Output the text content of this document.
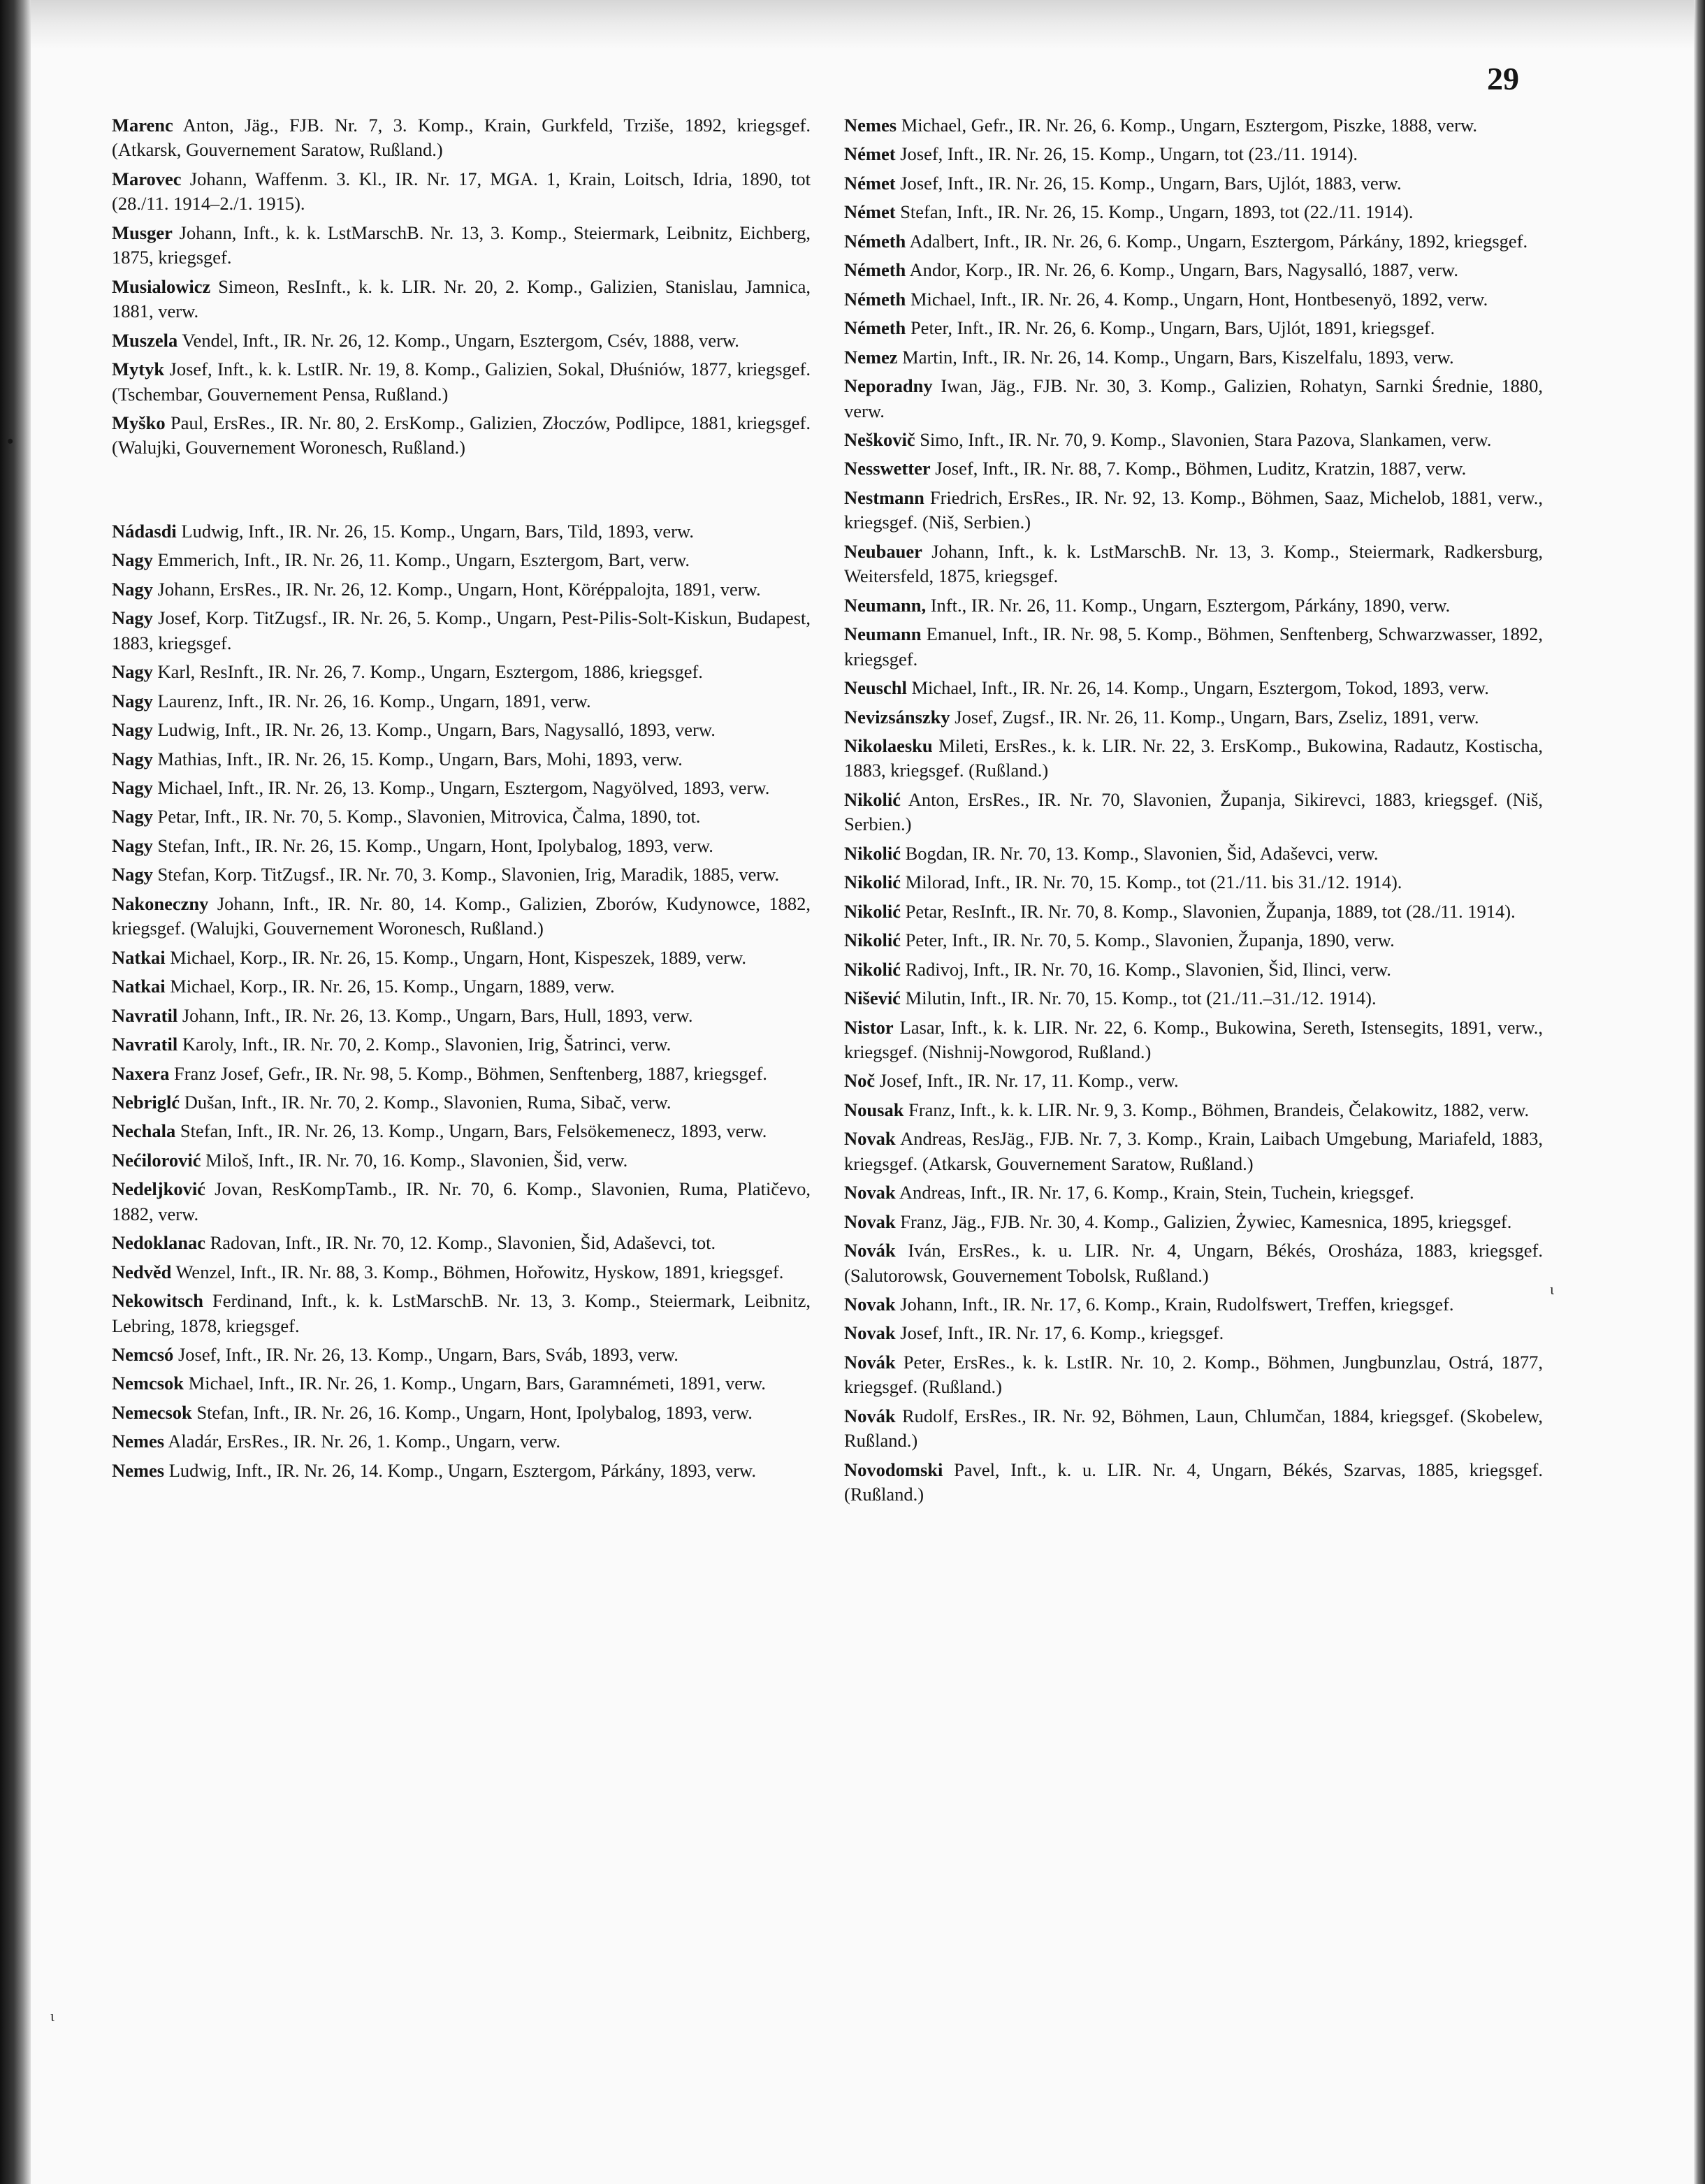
29
•
ι
ι
Marenc Anton, Jäg., FJB. Nr. 7, 3. Komp., Krain, Gurkfeld, Trziše, 1892, kriegsgef. (Atkarsk, Gouvernement Saratow, Rußland.)
Marovec Johann, Waffenm. 3. Kl., IR. Nr. 17, MGA. 1, Krain, Loitsch, Idria, 1890, tot (28./11. 1914–2./1. 1915).
Musger Johann, Inft., k. k. LstMarschB. Nr. 13, 3. Komp., Steiermark, Leibnitz, Eichberg, 1875, kriegsgef.
Musialowicz Simeon, ResInft., k. k. LIR. Nr. 20, 2. Komp., Galizien, Stanislau, Jamnica, 1881, verw.
Muszela Vendel, Inft., IR. Nr. 26, 12. Komp., Ungarn, Esztergom, Csév, 1888, verw.
Mytyk Josef, Inft., k. k. LstIR. Nr. 19, 8. Komp., Galizien, Sokal, Dłuśniów, 1877, kriegsgef. (Tschembar, Gouvernement Pensa, Rußland.)
Myško Paul, ErsRes., IR. Nr. 80, 2. ErsKomp., Galizien, Złoczów, Podlipce, 1881, kriegsgef. (Walujki, Gouvernement Woronesch, Rußland.)
Nádasdi Ludwig, Inft., IR. Nr. 26, 15. Komp., Ungarn, Bars, Tild, 1893, verw.
Nagy Emmerich, Inft., IR. Nr. 26, 11. Komp., Ungarn, Esztergom, Bart, verw.
Nagy Johann, ErsRes., IR. Nr. 26, 12. Komp., Ungarn, Hont, Köréppalojta, 1891, verw.
Nagy Josef, Korp. TitZugsf., IR. Nr. 26, 5. Komp., Ungarn, Pest-Pilis-Solt-Kiskun, Budapest, 1883, kriegsgef.
Nagy Karl, ResInft., IR. Nr. 26, 7. Komp., Ungarn, Esztergom, 1886, kriegsgef.
Nagy Laurenz, Inft., IR. Nr. 26, 16. Komp., Ungarn, 1891, verw.
Nagy Ludwig, Inft., IR. Nr. 26, 13. Komp., Ungarn, Bars, Nagysalló, 1893, verw.
Nagy Mathias, Inft., IR. Nr. 26, 15. Komp., Ungarn, Bars, Mohi, 1893, verw.
Nagy Michael, Inft., IR. Nr. 26, 13. Komp., Ungarn, Esztergom, Nagyölved, 1893, verw.
Nagy Petar, Inft., IR. Nr. 70, 5. Komp., Slavonien, Mitrovica, Čalma, 1890, tot.
Nagy Stefan, Inft., IR. Nr. 26, 15. Komp., Ungarn, Hont, Ipolybalog, 1893, verw.
Nagy Stefan, Korp. TitZugsf., IR. Nr. 70, 3. Komp., Slavonien, Irig, Maradik, 1885, verw.
Nakoneczny Johann, Inft., IR. Nr. 80, 14. Komp., Galizien, Zborów, Kudynowce, 1882, kriegsgef. (Walujki, Gouvernement Woronesch, Rußland.)
Natkai Michael, Korp., IR. Nr. 26, 15. Komp., Ungarn, Hont, Kispeszek, 1889, verw.
Natkai Michael, Korp., IR. Nr. 26, 15. Komp., Ungarn, 1889, verw.
Navratil Johann, Inft., IR. Nr. 26, 13. Komp., Ungarn, Bars, Hull, 1893, verw.
Navratil Karoly, Inft., IR. Nr. 70, 2. Komp., Slavonien, Irig, Šatrinci, verw.
Naxera Franz Josef, Gefr., IR. Nr. 98, 5. Komp., Böhmen, Senftenberg, 1887, kriegsgef.
Nebriglć Dušan, Inft., IR. Nr. 70, 2. Komp., Slavonien, Ruma, Sibač, verw.
Nechala Stefan, Inft., IR. Nr. 26, 13. Komp., Ungarn, Bars, Felsökemenecz, 1893, verw.
Nećilorović Miloš, Inft., IR. Nr. 70, 16. Komp., Slavonien, Šid, verw.
Nedeljković Jovan, ResKompTamb., IR. Nr. 70, 6. Komp., Slavonien, Ruma, Platičevo, 1882, verw.
Nedoklanac Radovan, Inft., IR. Nr. 70, 12. Komp., Slavonien, Šid, Adaševci, tot.
Nedvěd Wenzel, Inft., IR. Nr. 88, 3. Komp., Böhmen, Hořowitz, Hyskow, 1891, kriegsgef.
Nekowitsch Ferdinand, Inft., k. k. LstMarschB. Nr. 13, 3. Komp., Steiermark, Leibnitz, Lebring, 1878, kriegsgef.
Nemcsó Josef, Inft., IR. Nr. 26, 13. Komp., Ungarn, Bars, Sváb, 1893, verw.
Nemcsok Michael, Inft., IR. Nr. 26, 1. Komp., Ungarn, Bars, Garamnémeti, 1891, verw.
Nemecsok Stefan, Inft., IR. Nr. 26, 16. Komp., Ungarn, Hont, Ipolybalog, 1893, verw.
Nemes Aladár, ErsRes., IR. Nr. 26, 1. Komp., Ungarn, verw.
Nemes Ludwig, Inft., IR. Nr. 26, 14. Komp., Ungarn, Esztergom, Párkány, 1893, verw.
Nemes Michael, Gefr., IR. Nr. 26, 6. Komp., Ungarn, Esztergom, Piszke, 1888, verw.
Német Josef, Inft., IR. Nr. 26, 15. Komp., Ungarn, tot (23./11. 1914).
Német Josef, Inft., IR. Nr. 26, 15. Komp., Ungarn, Bars, Ujlót, 1883, verw.
Német Stefan, Inft., IR. Nr. 26, 15. Komp., Ungarn, 1893, tot (22./11. 1914).
Németh Adalbert, Inft., IR. Nr. 26, 6. Komp., Ungarn, Esztergom, Párkány, 1892, kriegsgef.
Németh Andor, Korp., IR. Nr. 26, 6. Komp., Ungarn, Bars, Nagysalló, 1887, verw.
Németh Michael, Inft., IR. Nr. 26, 4. Komp., Ungarn, Hont, Hontbesenyö, 1892, verw.
Németh Peter, Inft., IR. Nr. 26, 6. Komp., Ungarn, Bars, Ujlót, 1891, kriegsgef.
Nemez Martin, Inft., IR. Nr. 26, 14. Komp., Ungarn, Bars, Kiszelfalu, 1893, verw.
Neporadny Iwan, Jäg., FJB. Nr. 30, 3. Komp., Galizien, Rohatyn, Sarnki Średnie, 1880, verw.
Neškovič Simo, Inft., IR. Nr. 70, 9. Komp., Slavonien, Stara Pazova, Slankamen, verw.
Nesswetter Josef, Inft., IR. Nr. 88, 7. Komp., Böhmen, Luditz, Kratzin, 1887, verw.
Nestmann Friedrich, ErsRes., IR. Nr. 92, 13. Komp., Böhmen, Saaz, Michelob, 1881, verw., kriegsgef. (Niš, Serbien.)
Neubauer Johann, Inft., k. k. LstMarschB. Nr. 13, 3. Komp., Steiermark, Radkersburg, Weitersfeld, 1875, kriegsgef.
Neumann, Inft., IR. Nr. 26, 11. Komp., Ungarn, Esztergom, Párkány, 1890, verw.
Neumann Emanuel, Inft., IR. Nr. 98, 5. Komp., Böhmen, Senftenberg, Schwarzwasser, 1892, kriegsgef.
Neuschl Michael, Inft., IR. Nr. 26, 14. Komp., Ungarn, Esztergom, Tokod, 1893, verw.
Nevizsánszky Josef, Zugsf., IR. Nr. 26, 11. Komp., Ungarn, Bars, Zseliz, 1891, verw.
Nikolaesku Mileti, ErsRes., k. k. LIR. Nr. 22, 3. ErsKomp., Bukowina, Radautz, Kostischa, 1883, kriegsgef. (Rußland.)
Nikolić Anton, ErsRes., IR. Nr. 70, Slavonien, Županja, Sikirevci, 1883, kriegsgef. (Niš, Serbien.)
Nikolić Bogdan, IR. Nr. 70, 13. Komp., Slavonien, Šid, Adaševci, verw.
Nikolić Milorad, Inft., IR. Nr. 70, 15. Komp., tot (21./11. bis 31./12. 1914).
Nikolić Petar, ResInft., IR. Nr. 70, 8. Komp., Slavonien, Županja, 1889, tot (28./11. 1914).
Nikolić Peter, Inft., IR. Nr. 70, 5. Komp., Slavonien, Županja, 1890, verw.
Nikolić Radivoj, Inft., IR. Nr. 70, 16. Komp., Slavonien, Šid, Ilinci, verw.
Nišević Milutin, Inft., IR. Nr. 70, 15. Komp., tot (21./11.–31./12. 1914).
Nistor Lasar, Inft., k. k. LIR. Nr. 22, 6. Komp., Bukowina, Sereth, Istensegits, 1891, verw., kriegsgef. (Nishnij-Nowgorod, Rußland.)
Noč Josef, Inft., IR. Nr. 17, 11. Komp., verw.
Nousak Franz, Inft., k. k. LIR. Nr. 9, 3. Komp., Böhmen, Brandeis, Čelakowitz, 1882, verw.
Novak Andreas, ResJäg., FJB. Nr. 7, 3. Komp., Krain, Laibach Umgebung, Mariafeld, 1883, kriegsgef. (Atkarsk, Gouvernement Saratow, Rußland.)
Novak Andreas, Inft., IR. Nr. 17, 6. Komp., Krain, Stein, Tuchein, kriegsgef.
Novak Franz, Jäg., FJB. Nr. 30, 4. Komp., Galizien, Żywiec, Kamesnica, 1895, kriegsgef.
Novák Iván, ErsRes., k. u. LIR. Nr. 4, Ungarn, Békés, Orosháza, 1883, kriegsgef. (Salutorowsk, Gouvernement Tobolsk, Rußland.)
Novak Johann, Inft., IR. Nr. 17, 6. Komp., Krain, Rudolfswert, Treffen, kriegsgef.
Novak Josef, Inft., IR. Nr. 17, 6. Komp., kriegsgef.
Novák Peter, ErsRes., k. k. LstIR. Nr. 10, 2. Komp., Böhmen, Jungbunzlau, Ostrá, 1877, kriegsgef. (Rußland.)
Novák Rudolf, ErsRes., IR. Nr. 92, Böhmen, Laun, Chlumčan, 1884, kriegsgef. (Skobelew, Rußland.)
Novodomski Pavel, Inft., k. u. LIR. Nr. 4, Ungarn, Békés, Szarvas, 1885, kriegsgef. (Rußland.)
